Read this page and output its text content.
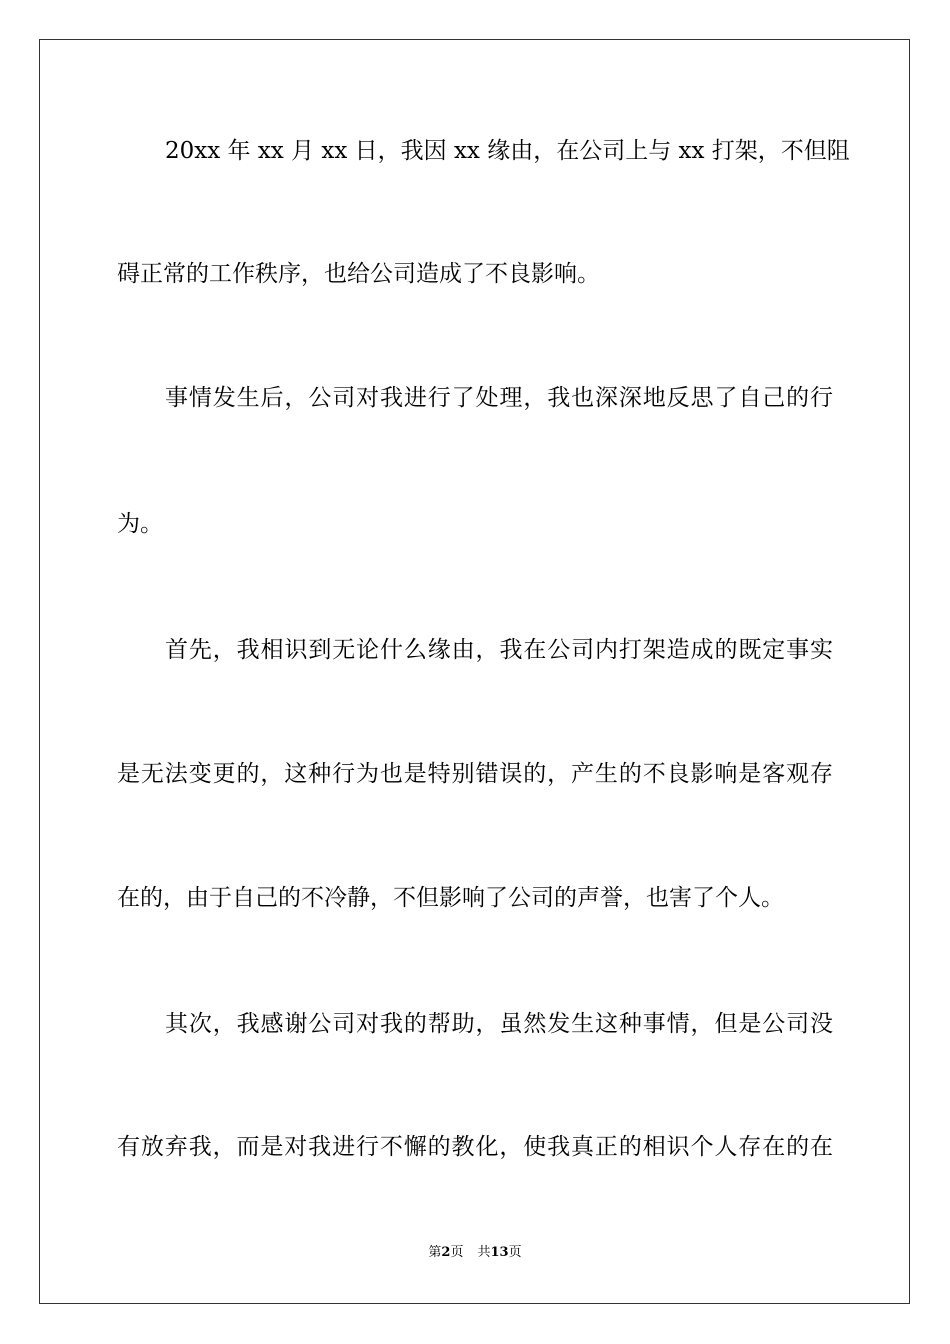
20xx 年 xx 月 xx 日，我因 xx 缘由，在公司上与 xx 打架，不但阻
碍正常的工作秩序，也给公司造成了不良影响。
事情发生后，公司对我进行了处理，我也深深地反思了自己的行
为。
首先，我相识到无论什么缘由，我在公司内打架造成的既定事实
是无法变更的，这种行为也是特别错误的，产生的不良影响是客观存
在的，由于自己的不冷静，不但影响了公司的声誉，也害了个人。
其次，我感谢公司对我的帮助，虽然发生这种事情，但是公司没
有放弃我，而是对我进行不懈的教化，使我真正的相识个人存在的在
第2页 共13页
